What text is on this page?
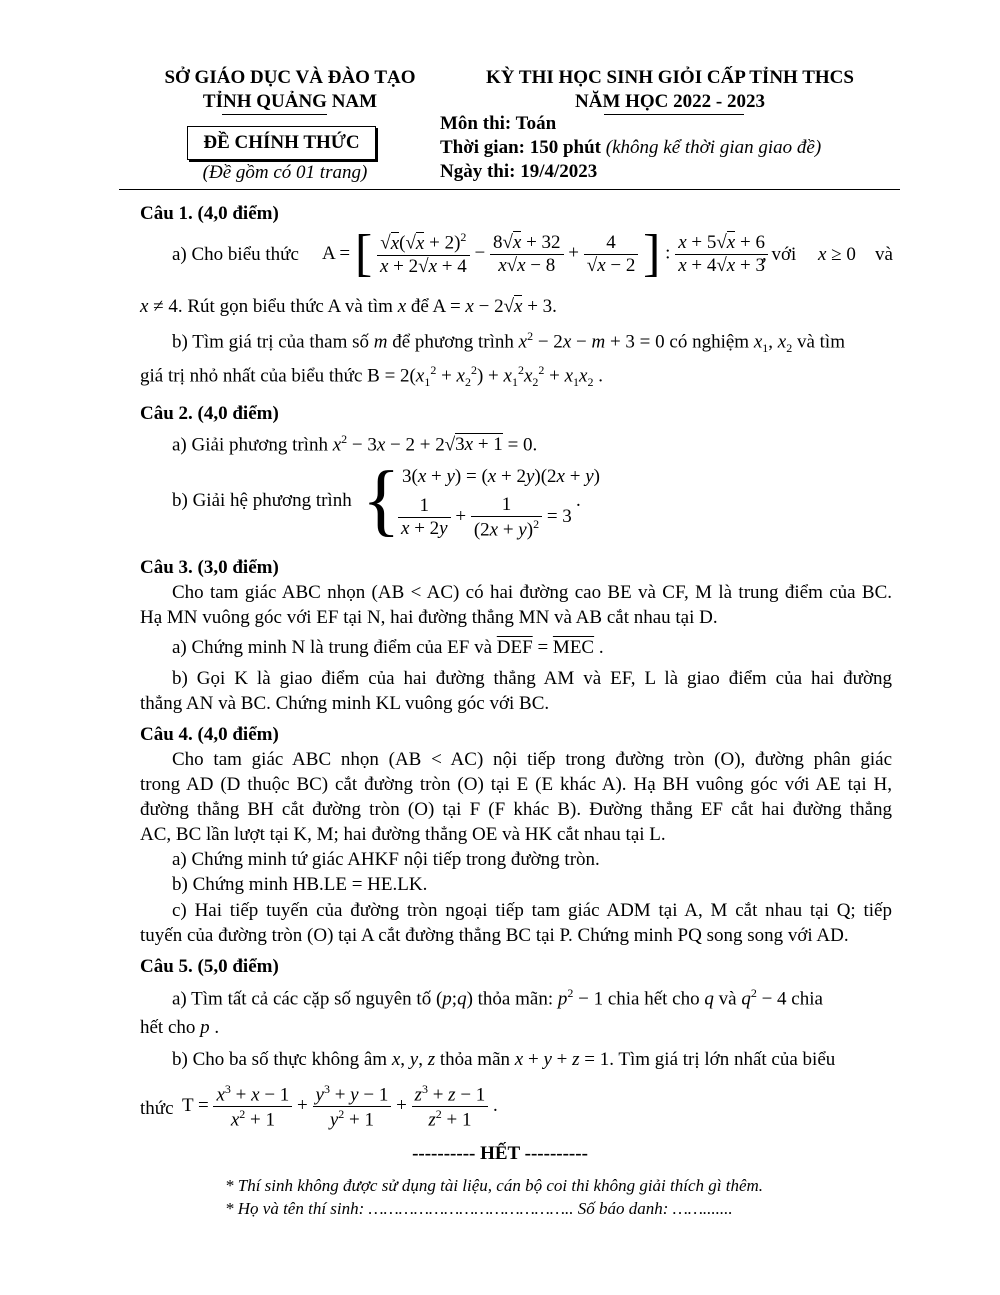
SỞ GIÁO DỤC VÀ ĐÀO TẠO
TỈNH QUẢNG NAM
KỲ THI HỌC SINH GIỎI CẤP TỈNH THCS
NĂM HỌC 2022 - 2023
ĐỀ CHÍNH THỨC
(Đề gồm có 01 trang)
Môn thi: Toán
Thời gian: 150 phút (không kể thời gian giao đề)
Ngày thi: 19/4/2023
Câu 1. (4,0 điểm)
a) Cho biểu thức A = [ $\frac{√x(√x + 2)^2}{x + 2√x + 4} - \frac{8√x + 32}{x√x - 8} + \frac{4}{√x - 2}$ ] : $\frac{x + 5√x + 6}{x + 4√x + 3}$
, với x ≥ 0 và
x ≠ 4. Rút gọn biểu thức A và tìm x để A = x − 2√x + 3.
b) Tìm giá trị của tham số m để phương trình $x^2 - 2x - m + 3 = 0$ có nghiệm $x_1$, $x_2$ và tìm
giá trị nhỏ nhất của biểu thức $B = 2(x_1^2 + x_2^2) + x_1^2x_2^2 + x_1x_2$ .
Câu 2. (4,0 điểm)
a) Giải phương trình $x^2 - 3x - 2 + 2√3x + 1 = 0$.
b) Giải hệ phương trình { 3(x + y) = (x + 2y)(2x + y)
$\frac{1}{x + 2y} + \frac{1}{(2x + y)^2} = 3$
.
Câu 3. (3,0 điểm)
Cho tam giác ABC nhọn (AB < AC) có hai đường cao BE và CF, M là trung điểm của BC.
Hạ MN vuông góc với EF tại N, hai đường thẳng MN và AB cắt nhau tại D.
a) Chứng minh N là trung điểm của EF và $\overline{DEF} = \overline{MEC}$ .
b) Gọi K là giao điểm của hai đường thẳng AM và EF, L là giao điểm của hai đường
thẳng AN và BC. Chứng minh KL vuông góc với BC.
Câu 4. (4,0 điểm)
Cho tam giác ABC nhọn (AB < AC) nội tiếp trong đường tròn (O), đường phân giác
trong AD (D thuộc BC) cắt đường tròn (O) tại E (E khác A). Hạ BH vuông góc với AE tại H,
đường thẳng BH cắt đường tròn (O) tại F (F khác B). Đường thẳng EF cắt hai đường thẳng
AC, BC lần lượt tại K, M; hai đường thẳng OE và HK cắt nhau tại L.
a) Chứng minh tứ giác AHKF nội tiếp trong đường tròn.
b) Chứng minh HB.LE = HE.LK.
c) Hai tiếp tuyến của đường tròn ngoại tiếp tam giác ADM tại A, M cắt nhau tại Q; tiếp
tuyến của đường tròn (O) tại A cắt đường thẳng BC tại P. Chứng minh PQ song song với AD.
Câu 5. (5,0 điểm)
a) Tìm tất cả các cặp số nguyên tố (p;q) thỏa mãn: $p^2 - 1$ chia hết cho q và $q^2 - 4$ chia
hết cho p .
b) Cho ba số thực không âm x, y, z thỏa mãn x + y + z = 1. Tìm giá trị lớn nhất của biểu
thức $T = \frac{x^3 + x - 1}{x^2 + 1} + \frac{y^3 + y - 1}{y^2 + 1} + \frac{z^3 + z - 1}{z^2 + 1}$ .
---------- HẾT ----------
* Thí sinh không được sử dụng tài liệu, cán bộ coi thi không giải thích gì thêm.
* Họ và tên thí sinh: ………………………………….. Số báo danh: …….......
